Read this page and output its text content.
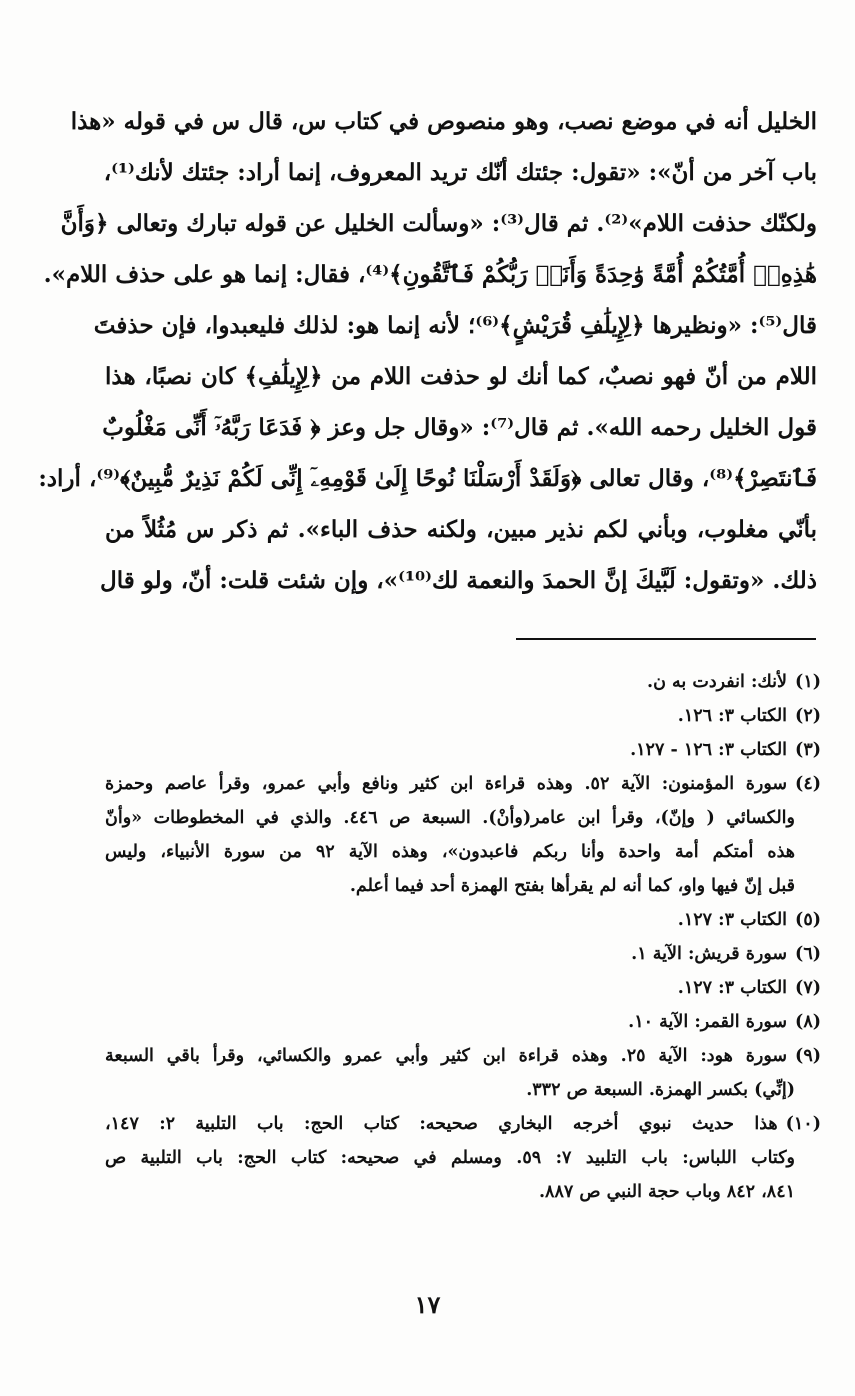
الخليل أنه في موضع نصب، وهو منصوص في كتاب س، قال س في قوله «هذا
باب آخر من أنّ»: «تقول: جئتك أنّك تريد المعروف، إنما أراد: جئتك لأنك⁽¹⁾،
ولكنّك حذفت اللام»⁽²⁾. ثم قال⁽³⁾: «وسألت الخليل عن قوله تبارك وتعالى ﴿وَأَنَّ
هَٰذِهِۦٓ أُمَّتُكُمْ أُمَّةً وَٰحِدَةً وَأَنَا۠ رَبُّكُمْ فَٱتَّقُونِ﴾⁽⁴⁾، فقال: إنما هو على حذف اللام».
قال⁽⁵⁾: «ونظيرها ﴿لِإِيلَٰفِ قُرَيْشٍ﴾⁽⁶⁾؛ لأنه إنما هو: لذلك فليعبدوا، فإن حذفتَ
اللام من أنّ فهو نصبٌ، كما أنك لو حذفت اللام من ﴿لِإِيلَٰفِ﴾ كان نصبًا، هذا
قول الخليل رحمه الله». ثم قال⁽⁷⁾: «وقال جل وعز ﴿ فَدَعَا رَبَّهُۥٓ أَنِّى مَغْلُوبٌ
فَٱنتَصِرْ﴾⁽⁸⁾، وقال تعالى ﴿وَلَقَدْ أَرْسَلْنَا نُوحًا إِلَىٰ قَوْمِهِۦٓ إِنِّى لَكُمْ نَذِيرٌ مُّبِينٌ﴾⁽⁹⁾، أراد:
بأنّي مغلوب، وبأني لكم نذير مبين، ولكنه حذف الباء». ثم ذكر س مُثُلاً من
ذلك. «وتقول: لَبَّيكَ إنَّ الحمدَ والنعمة لك⁽¹⁰⁾»، وإن شئت قلت: أنّ، ولو قال
(١)لأنك: انفردت به ن.
(٢)الكتاب ٣: ١٢٦.
(٣)الكتاب ٣: ١٢٦ - ١٢٧.
(٤)سورة المؤمنون: الآية ٥٢. وهذه قراءة ابن كثير ونافع وأبي عمرو، وقرأ عاصم وحمزة
والكسائي ( وإنّ)، وقرأ ابن عامر(وأنْ). السبعة ص ٤٤٦. والذي في المخطوطات «وأنّ
هذه أمتكم أمة واحدة وأنا ربكم فاعبدون»، وهذه الآية ٩٢ من سورة الأنبياء، وليس
قبل إنّ فيها واو، كما أنه لم يقرأها بفتح الهمزة أحد فيما أعلم.
(٥)الكتاب ٣: ١٢٧.
(٦)سورة قريش: الآية ١.
(٧)الكتاب ٣: ١٢٧.
(٨)سورة القمر: الآية ١٠.
(٩)سورة هود: الآية ٢٥. وهذه قراءة ابن كثير وأبي عمرو والكسائي، وقرأ باقي السبعة
(إنِّي) بكسر الهمزة. السبعة ص ٣٣٢.
(١٠)هذا حديث نبوي أخرجه البخاري صحيحه: كتاب الحج: باب التلبية ٢: ١٤٧،
وكتاب اللباس: باب التلبيد ٧: ٥٩. ومسلم في صحيحه: كتاب الحج: باب التلبية ص
٨٤١، ٨٤٢ وباب حجة النبي ص ٨٨٧.
١٧
